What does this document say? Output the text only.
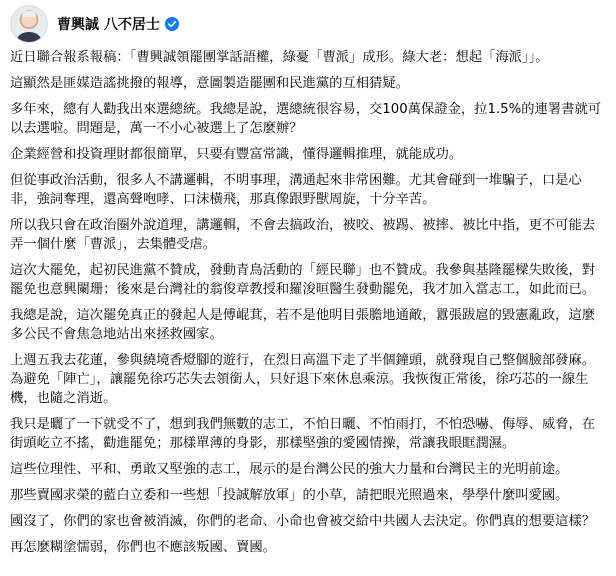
曹興誠 八不居士

近日聯合報系報稿：「曹興誠領罷團掌話語權，綠憂「曹派」成形。綠大老：想起「海派」」。

這顯然是匪媒造謠挑撥的報導，意圖製造罷團和民進黨的互相猜疑。

多年來，總有人勸我出來選總統。我總是說，選總統很容易，交100萬保證金，拉1.5%的連署書就可以去選啦。問題是，萬一不小心被選上了怎麼辦？

企業經營和投資理財都很簡單，只要有豐富常識，懂得邏輯推理，就能成功。

但從事政治活動，很多人不講邏輯，不明事理，溝通起來非常困難。尤其會碰到一堆騙子，口是心非，強詞奪理，還高聲咆哮、口沫橫飛，那真像跟野獸周旋，十分辛苦。

所以我只會在政治圈外說道理，講邏輯，不會去搞政治，被咬、被踢、被摔、被比中指，更不可能去弄一個什麼「曹派」，去集體受虐。

這次大罷免，起初民進黨不贊成，發動青鳥活動的「經民聯」也不贊成。我參與基隆罷樑失敗後，對罷免也意興闌珊；後來是台灣社的翁俊章教授和羅浚晅醫生發動罷免，我才加入當志工，如此而已。

我總是說，這次罷免真正的發起人是傅崐萁，若不是他明目張膽地通敵，囂張跋扈的毀憲亂政，這麼多公民不會焦急地站出來拯救國家。

上週五我去花蓮，參與繞境香燈腳的遊行，在烈日高溫下走了半個鐘頭，就發現自己整個臉部發麻。為避免「陣亡」，讓罷免徐巧芯失去領銜人，只好退下來休息乘涼。我恢復正常後，徐巧芯的一線生機，也隨之消逝。

我只是曬了一下就受不了，想到我們無數的志工，不怕日曬、不怕雨打，不怕恐嚇、侮辱、威脅，在街頭屹立不搖，勸進罷免；那樣單薄的身影，那樣堅強的愛國情操，常讓我眼眶潤濕。

這些位理性、平和、勇敢又堅強的志工，展示的是台灣公民的強大力量和台灣民主的光明前途。

那些賣國求榮的藍白立委和一些想「投誠解放軍」的小草，請把眼光照過來，學學什麼叫愛國。

國沒了，你們的家也會被消滅，你們的老命、小命也會被交給中共國人去決定。你們真的想要這樣？

再怎麼糊塗懦弱，你們也不應該叛國、賣國。
